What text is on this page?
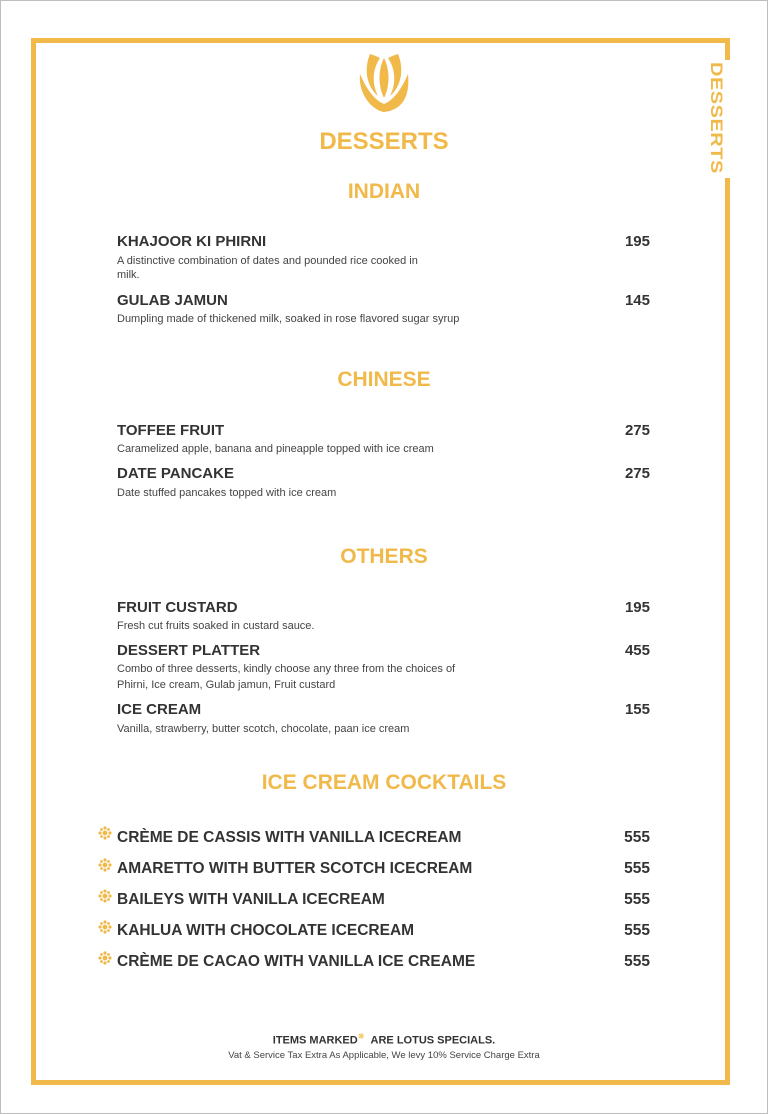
DESSERTS
DESSERTS
INDIAN
KHAJOOR KI PHIRNI	195
A distinctive combination of dates and pounded rice cooked in
milk.
GULAB JAMUN	145
Dumpling made of thickened milk, soaked in rose flavored sugar syrup
CHINESE
TOFFEE FRUIT	275
Caramelized apple, banana and pineapple topped with ice cream
DATE PANCAKE	275
Date stuffed pancakes topped with ice cream
OTHERS
FRUIT CUSTARD	195
Fresh cut fruits soaked in custard sauce.
DESSERT PLATTER	455
Combo of three desserts, kindly choose any three from the choices of
Phirni, Ice cream, Gulab jamun, Fruit custard
ICE CREAM	155
Vanilla, strawberry, butter scotch, chocolate, paan ice cream
ICE CREAM COCKTAILS
CRÈME DE CASSIS WITH VANILLA ICECREAM	555
AMARETTO WITH BUTTER SCOTCH ICECREAM	555
BAILEYS WITH VANILLA ICECREAM	555
KAHLUA WITH CHOCOLATE ICECREAM	555
CRÈME DE CACAO WITH VANILLA ICE CREAME	555
ITEMS MARKED❋ ARE LOTUS SPECIALS.
Vat & Service Tax Extra As Applicable, We levy 10% Service Charge Extra
